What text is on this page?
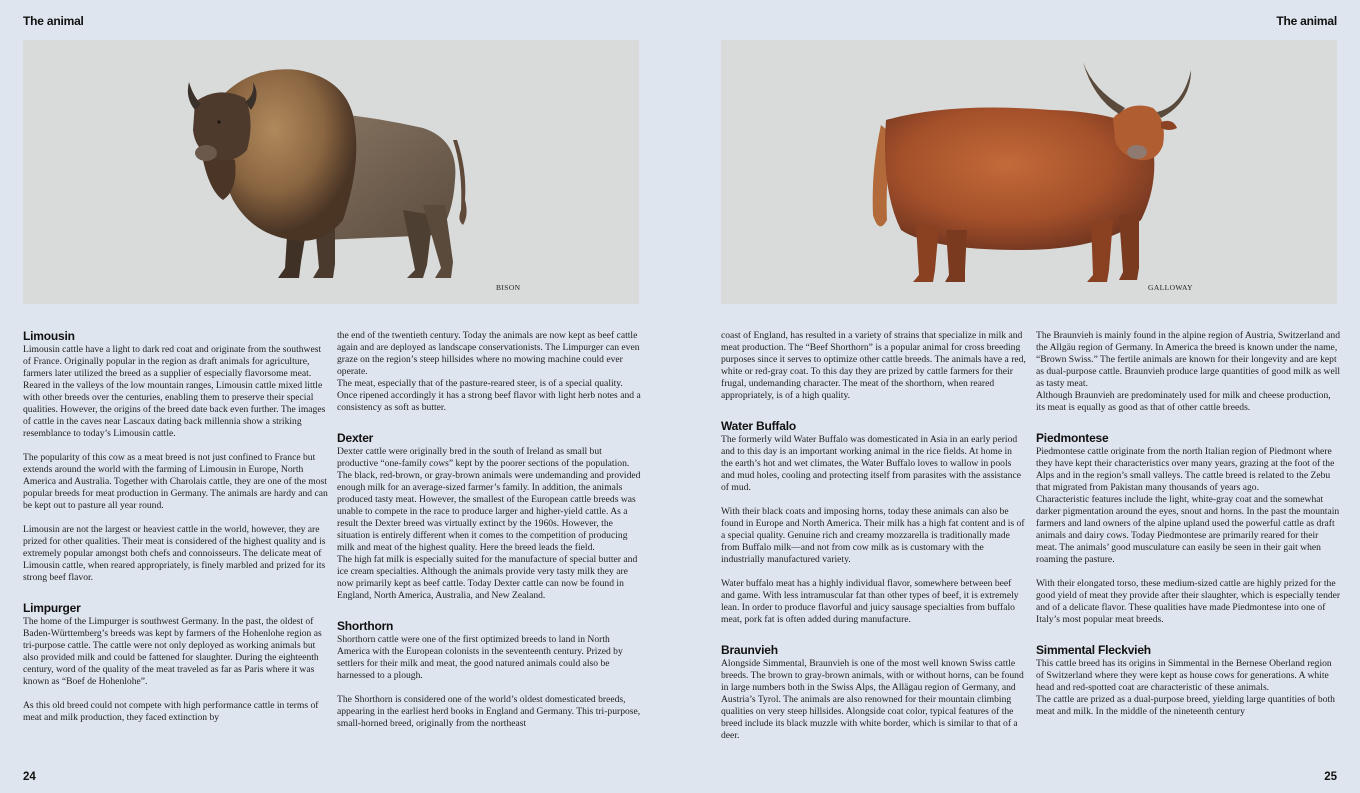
The animal	The animal
BISON	GALLOWAY
Limousin

Limousin cattle have a light to dark red coat and originate from the southwest of France. Originally popular in the region as draft animals for agriculture, farmers later utilized the breed as a supplier of especially flavorsome meat. Reared in the valleys of the low mountain ranges, Limousin cattle mixed little with other breeds over the centuries, enabling them to preserve their special qualities. However, the origins of the breed date back even further. The images of cattle in the caves near Lascaux dating back millennia show a striking resemblance to today’s Limousin cattle.

The popularity of this cow as a meat breed is not just confined to France but extends around the world with the farming of Limousin in Europe, North America and Australia. Together with Charolais cattle, they are one of the most popular breeds for meat production in Germany. The animals are hardy and can be kept out to pasture all year round.

Limousin are not the largest or heaviest cattle in the world, however, they are prized for other qualities. Their meat is considered of the highest quality and is extremely popular amongst both chefs and connoisseurs. The delicate meat of Limousin cattle, when reared appropriately, is finely marbled and prized for its strong beef flavor.

Limpurger

The home of the Limpurger is southwest Germany. In the past, the oldest of Baden-Württemberg’s breeds was kept by farmers of the Hohenlohe region as tri-purpose cattle. The cattle were not only deployed as working animals but also provided milk and could be fattened for slaughter. During the eighteenth century, word of the quality of the meat traveled as far as Paris where it was known as “Boef de Hohenlohe”.

As this old breed could not compete with high performance cattle in terms of meat and milk production, they faced extinction by

the end of the twentieth century. Today the animals are now kept as beef cattle again and are deployed as landscape conservationists. The Limpurger can even graze on the region’s steep hillsides where no mowing machine could ever operate.

The meat, especially that of the pasture-reared steer, is of a special quality. Once ripened accordingly it has a strong beef flavor with light herb notes and a consistency as soft as butter.

Dexter

Dexter cattle were originally bred in the south of Ireland as small but productive “one-family cows” kept by the poorer sections of the population. The black, red-brown, or gray-brown animals were undemanding and provided enough milk for an average-sized farmer’s family. In addition, the animals produced tasty meat. However, the smallest of the European cattle breeds was unable to compete in the race to produce larger and higher-yield cattle. As a result the Dexter breed was virtually extinct by the 1960s. However, the situation is entirely different when it comes to the competition of producing milk and meat of the highest quality. Here the breed leads the field.

The high fat milk is especially suited for the manufacture of special butter and ice cream specialties. Although the animals provide very tasty milk they are now primarily kept as beef cattle. Today Dexter cattle can now be found in England, North America, Australia, and New Zealand.

Shorthorn

Shorthorn cattle were one of the first optimized breeds to land in North America with the European colonists in the seventeenth century. Prized by settlers for their milk and meat, the good natured animals could also be harnessed to a plough.

The Shorthorn is considered one of the world’s oldest domesticated breeds, appearing in the earliest herd books in England and Germany. This tri-purpose, small-horned breed, originally from the northeast

coast of England, has resulted in a variety of strains that specialize in milk and meat production. The “Beef Shorthorn” is a popular animal for cross breeding purposes since it serves to optimize other cattle breeds. The animals have a red, white or red-gray coat. To this day they are prized by cattle farmers for their frugal, undemanding character. The meat of the shorthorn, when reared appropriately, is of a high quality.

Water Buffalo

The formerly wild Water Buffalo was domesticated in Asia in an early period and to this day is an important working animal in the rice fields. At home in the earth’s hot and wet climates, the Water Buffalo loves to wallow in pools and mud holes, cooling and protecting itself from parasites with the assistance of mud.

With their black coats and imposing horns, today these animals can also be found in Europe and North America. Their milk has a high fat content and is of a special quality. Genuine rich and creamy mozzarella is traditionally made from Buffalo milk—and not from cow milk as is customary with the industrially manufactured variety.

Water buffalo meat has a highly individual flavor, somewhere between beef and game. With less intramuscular fat than other types of beef, it is extremely lean. In order to produce flavorful and juicy sausage specialties from buffalo meat, pork fat is often added during manufacture.

Braunvieh

Alongside Simmental, Braunvieh is one of the most well known Swiss cattle breeds. The brown to gray-brown animals, with or without horns, can be found in large numbers both in the Swiss Alps, the Allägau region of Germany, and Austria’s Tyrol. The animals are also renowned for their mountain climbing qualities on very steep hillsides. Alongside coat color, typical features of the breed include its black muzzle with white border, which is similar to that of a deer.

The Braunvieh is mainly found in the alpine region of Austria, Switzerland and the Allgäu region of Germany. In America the breed is known under the name, “Brown Swiss.” The fertile animals are known for their longevity and are kept as dual-purpose cattle. Braunvieh produce large quantities of good milk as well as tasty meat.

Although Braunvieh are predominately used for milk and cheese production, its meat is equally as good as that of other cattle breeds.

Piedmontese

Piedmontese cattle originate from the north Italian region of Piedmont where they have kept their characteristics over many years, grazing at the foot of the Alps and in the region’s small valleys. The cattle breed is related to the Zebu that migrated from Pakistan many thousands of years ago.

Characteristic features include the light, white-gray coat and the somewhat darker pigmentation around the eyes, snout and horns. In the past the mountain farmers and land owners of the alpine upland used the powerful cattle as draft animals and dairy cows. Today Piedmontese are primarily reared for their meat. The animals’ good musculature can easily be seen in their gait when roaming the pasture.

With their elongated torso, these medium-sized cattle are highly prized for the good yield of meat they provide after their slaughter, which is especially tender and of a delicate flavor. These qualities have made Piedmontese into one of Italy’s most popular meat breeds.

Simmental Fleckvieh

This cattle breed has its origins in Simmental in the Bernese Oberland region of Switzerland where they were kept as house cows for generations. A white head and red-spotted coat are characteristic of these animals.

The cattle are prized as a dual-purpose breed, yielding large quantities of both meat and milk. In the middle of the nineteenth century

24	25
